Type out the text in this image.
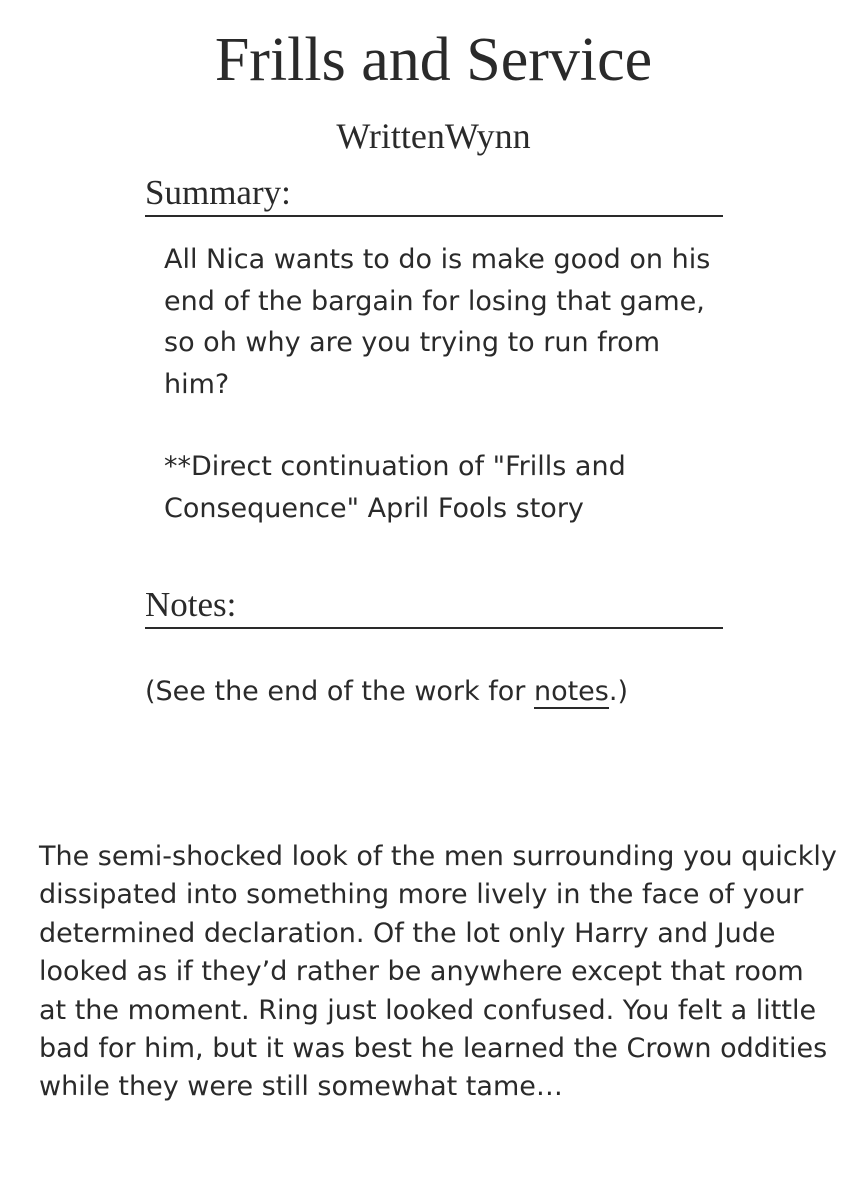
Frills and Service
WrittenWynn
Summary:

All Nica wants to do is make good on his end of the bargain for losing that game, so oh why are you trying to run from him?

**Direct continuation of "Frills and Consequence" April Fools story

Notes:

(See the end of the work for notes.)

The semi-shocked look of the men surrounding you quickly dissipated into something more lively in the face of your determined declaration. Of the lot only Harry and Jude looked as if they’d rather be anywhere except that room at the moment. Ring just looked confused. You felt a little bad for him, but it was best he learned the Crown oddities while they were still somewhat tame…
